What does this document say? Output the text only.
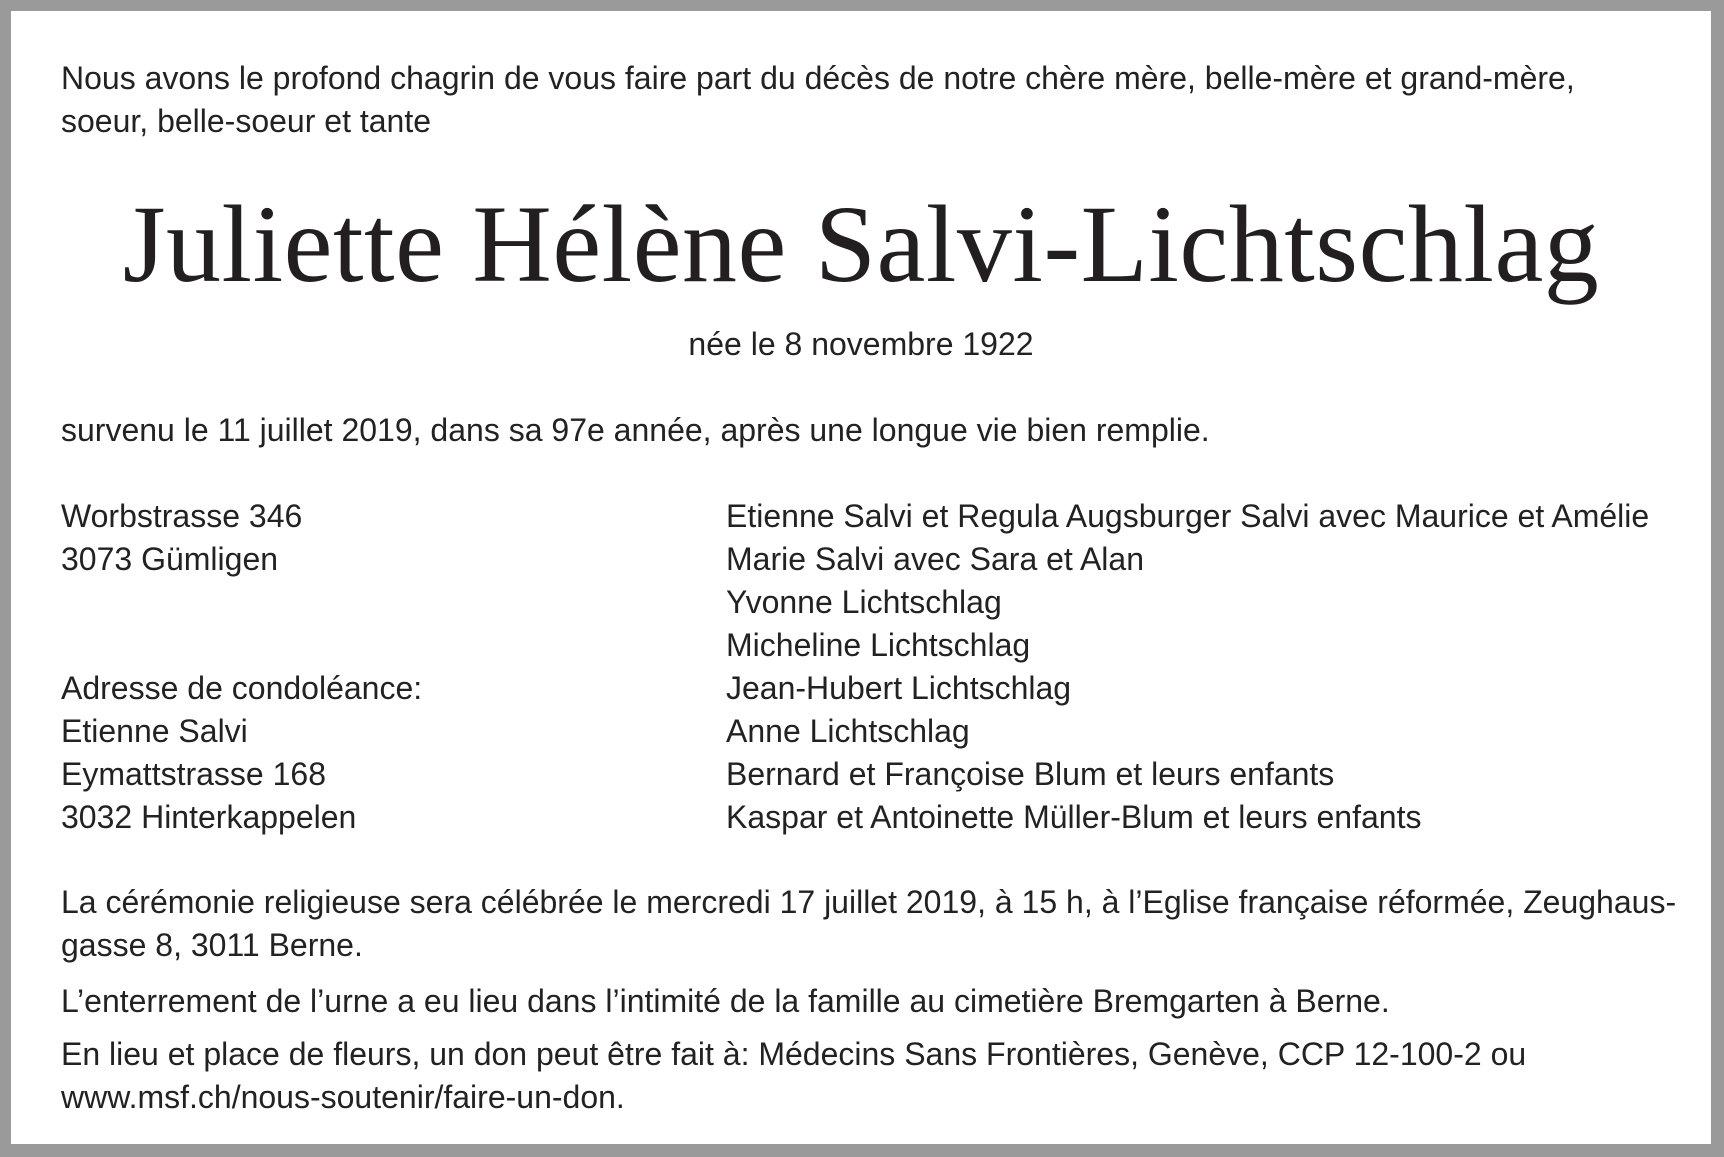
Nous avons le profond chagrin de vous faire part du décès de notre chère mère, belle-mère et grand-mère,
soeur, belle-soeur et tante

Juliette Hélène Salvi-Lichtschlag

née le 8 novembre 1922

survenu le 11 juillet 2019, dans sa 97e année, après une longue vie bien remplie.

Worbstrasse 346
3073 Gümligen
Adresse de condoléance:
Etienne Salvi
Eymattstrasse 168
3032 Hinterkappelen
Etienne Salvi et Regula Augsburger Salvi avec Maurice et Amélie
Marie Salvi avec Sara et Alan
Yvonne Lichtschlag
Micheline Lichtschlag
Jean-Hubert Lichtschlag
Anne Lichtschlag
Bernard et Françoise Blum et leurs enfants
Kaspar et Antoinette Müller-Blum et leurs enfants

La cérémonie religieuse sera célébrée le mercredi 17 juillet 2019, à 15 h, à l’Eglise française réformée, Zeughaus-
gasse 8, 3011 Berne.

L’enterrement de l’urne a eu lieu dans l’intimité de la famille au cimetière Bremgarten à Berne.

En lieu et place de fleurs, un don peut être fait à: Médecins Sans Frontières, Genève, CCP 12-100-2 ou
www.msf.ch/nous-soutenir/faire-un-don.
